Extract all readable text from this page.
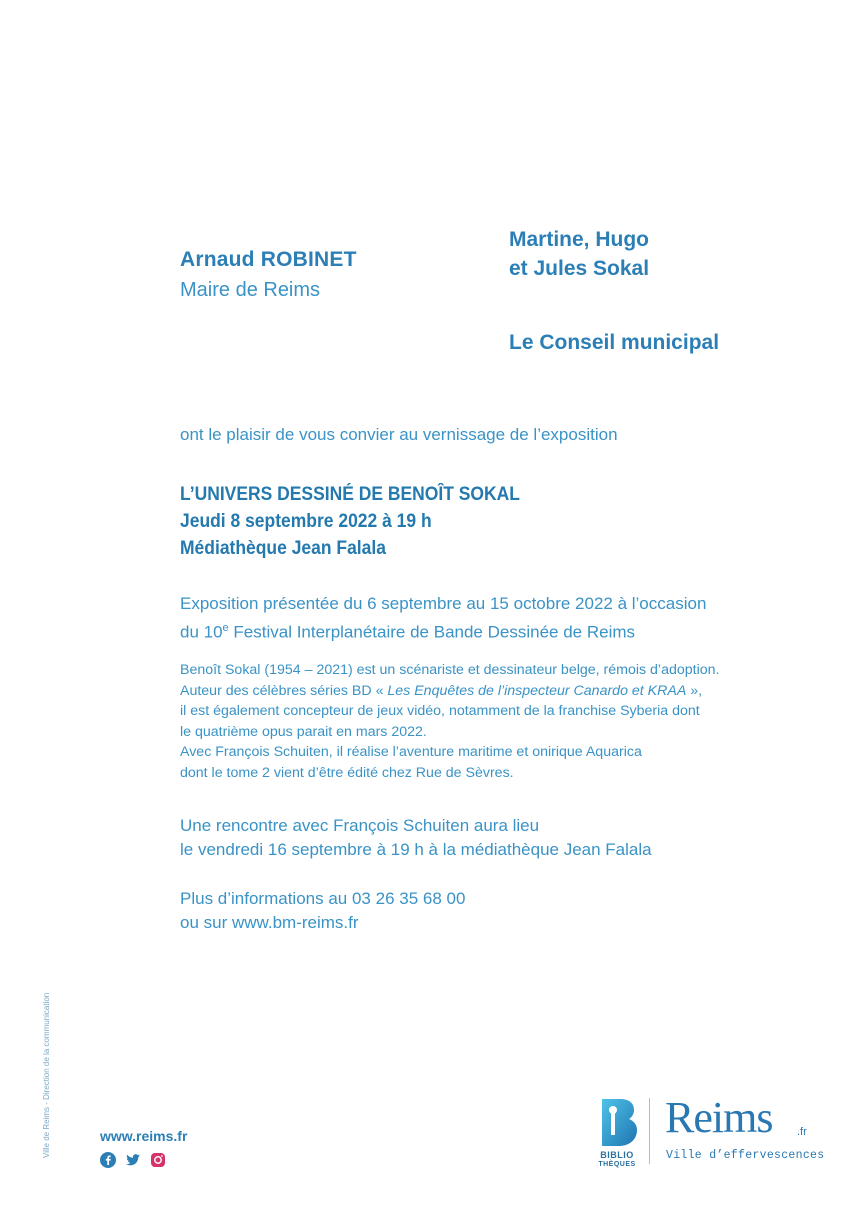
Arnaud ROBINET
Maire de Reims
Martine, Hugo
et Jules Sokal
Le Conseil municipal
ont le plaisir de vous convier au vernissage de l’exposition
L’UNIVERS DESSINÉ DE BENOÎT SOKAL
Jeudi 8 septembre 2022 à 19 h
Médiathèque Jean Falala
Exposition présentée du 6 septembre au 15 octobre 2022 à l’occasion
du 10e Festival Interplanétaire de Bande Dessinée de Reims
Benoît Sokal (1954 – 2021) est un scénariste et dessinateur belge, rémois d’adoption.
Auteur des célèbres séries BD « Les Enquêtes de l’inspecteur Canardo et KRAA »,
il est également concepteur de jeux vidéo, notamment de la franchise Syberia dont
le quatrième opus parait en mars 2022.
Avec François Schuiten, il réalise l’aventure maritime et onirique Aquarica
dont le tome 2 vient d’être édité chez Rue de Sèvres.
Une rencontre avec François Schuiten aura lieu
le vendredi 16 septembre à 19 h à la médiathèque Jean Falala
Plus d’informations au 03 26 35 68 00
ou sur www.bm-reims.fr
Ville de Reims - Direction de la communication	www.reims.fr
BIBLIO
THÈQUES
Reims .fr
Ville d’effervescences
